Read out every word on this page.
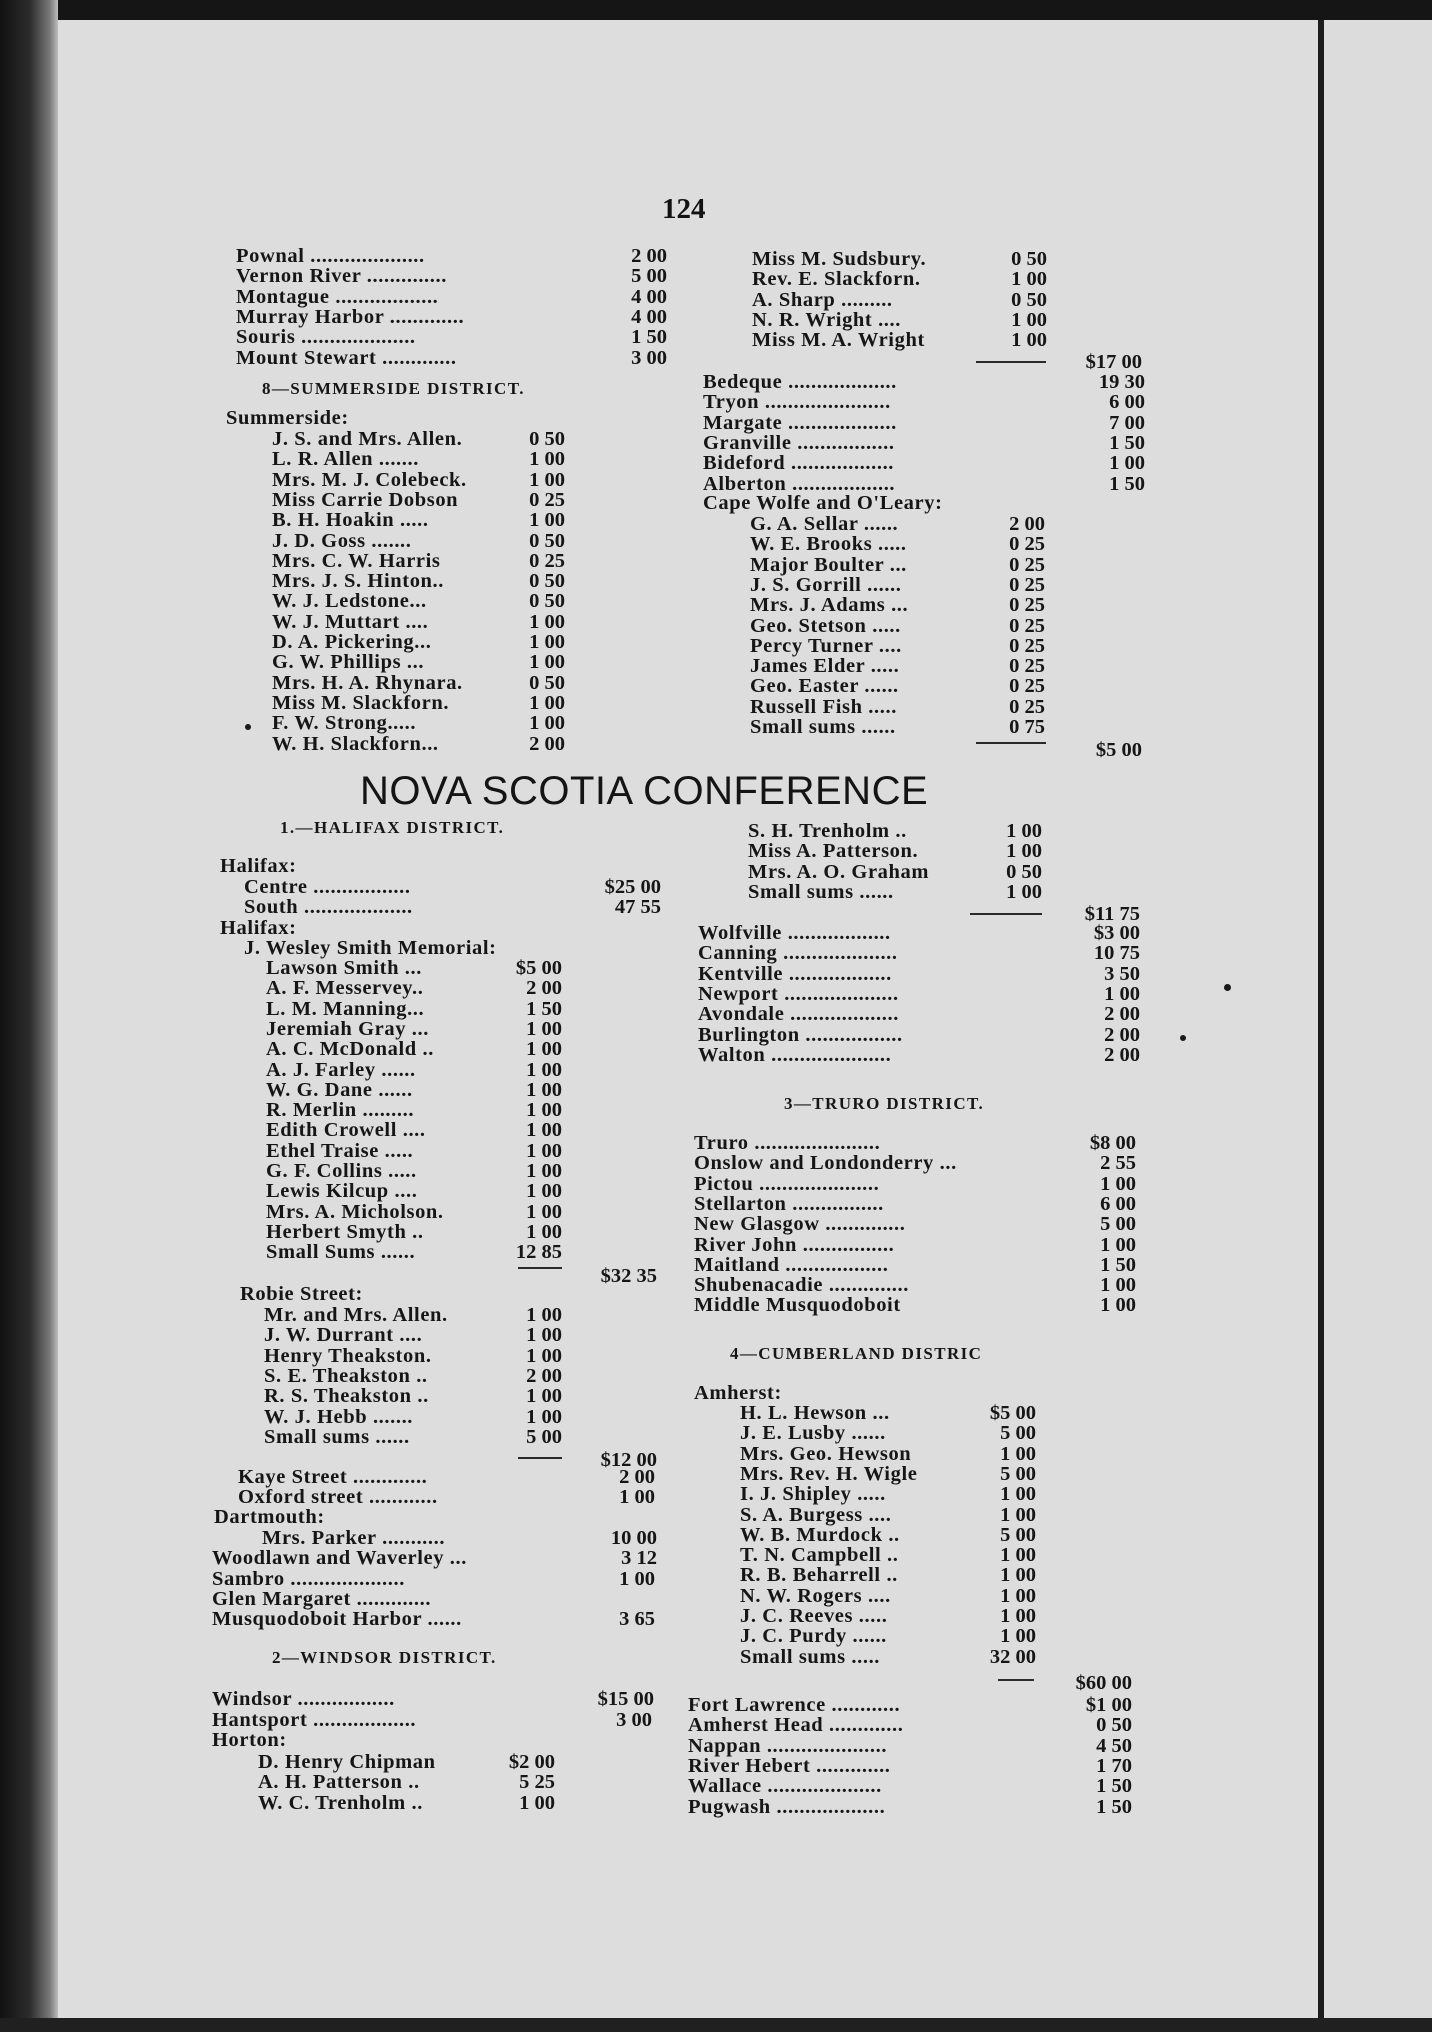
124
NOVA SCOTIA CONFERENCE
Pownal ....................	2 00
Vernon River ..............	5 00
Montague ..................	4 00
Murray Harbor .............	4 00
Souris ....................	1 50
Mount Stewart .............	3 00
8—SUMMERSIDE DISTRICT.
Summerside:
J. S. and Mrs. Allen.	0 50
L. R. Allen .......	1 00
Mrs. M. J. Colebeck.	1 00
Miss Carrie Dobson	0 25
B. H. Hoakin .....	1 00
J. D. Goss .......	0 50
Mrs. C. W. Harris	0 25
Mrs. J. S. Hinton..	0 50
W. J. Ledstone...	0 50
W. J. Muttart ....	1 00
D. A. Pickering...	1 00
G. W. Phillips ...	1 00
Mrs. H. A. Rhynara.	0 50
Miss M. Slackforn.	1 00
F. W. Strong.....	1 00
W. H. Slackforn...	2 00
Miss M. Sudsbury.	0 50
Rev. E. Slackforn.	1 00
A. Sharp .........	0 50
N. R. Wright ....	1 00
Miss M. A. Wright	1 00
$17 00
Bedeque ...................	19 30
Tryon ......................	6 00
Margate ...................	7 00
Granville .................	1 50
Bideford ..................	1 00
Alberton ..................	1 50
Cape Wolfe and O'Leary:
G. A. Sellar ......	2 00
W. E. Brooks .....	0 25
Major Boulter ...	0 25
J. S. Gorrill ......	0 25
Mrs. J. Adams ...	0 25
Geo. Stetson .....	0 25
Percy Turner ....	0 25
James Elder .....	0 25
Geo. Easter ......	0 25
Russell Fish .....	0 25
Small sums ......	0 75
$5 00
1.—HALIFAX DISTRICT.
Halifax:
Centre .................	$25 00
South ...................	47 55
Halifax:
J. Wesley Smith Memorial:
Lawson Smith ...	$5 00
A. F. Messervey..	2 00
L. M. Manning...	1 50
Jeremiah Gray ...	1 00
A. C. McDonald ..	1 00
A. J. Farley ......	1 00
W. G. Dane ......	1 00
R. Merlin .........	1 00
Edith Crowell ....	1 00
Ethel Traise .....	1 00
G. F. Collins .....	1 00
Lewis Kilcup ....	1 00
Mrs. A. Micholson.	1 00
Herbert Smyth ..	1 00
Small Sums ......	12 85
$32 35
Robie Street:
Mr. and Mrs. Allen.	1 00
J. W. Durrant ....	1 00
Henry Theakston.	1 00
S. E. Theakston ..	2 00
R. S. Theakston ..	1 00
W. J. Hebb .......	1 00
Small sums ......	5 00
$12 00
Kaye Street .............	2 00
Oxford street ............	1 00
Dartmouth:
Mrs. Parker ...........	10 00
Woodlawn and Waverley ...	3 12
Sambro ....................	1 00
Glen Margaret .............
Musquodoboit Harbor ......	3 65
2—WINDSOR DISTRICT.
Windsor .................	$15 00
Hantsport ..................	3 00
Horton:
D. Henry Chipman	$2 00
A. H. Patterson ..	5 25
W. C. Trenholm ..	1 00
S. H. Trenholm ..	1 00
Miss A. Patterson.	1 00
Mrs. A. O. Graham	0 50
Small sums ......	1 00
$11 75
Wolfville ..................	$3 00
Canning ....................	10 75
Kentville ..................	3 50
Newport ....................	1 00
Avondale ...................	2 00
Burlington .................	2 00
Walton .....................	2 00
3—TRURO DISTRICT.
Truro ......................	$8 00
Onslow and Londonderry ...	2 55
Pictou .....................	1 00
Stellarton ................	6 00
New Glasgow ..............	5 00
River John ................	1 00
Maitland ..................	1 50
Shubenacadie ..............	1 00
Middle Musquodoboit	1 00
4—CUMBERLAND DISTRIC
Amherst:
H. L. Hewson ...	$5 00
J. E. Lusby ......	5 00
Mrs. Geo. Hewson	1 00
Mrs. Rev. H. Wigle	5 00
I. J. Shipley .....	1 00
S. A. Burgess ....	1 00
W. B. Murdock ..	5 00
T. N. Campbell ..	1 00
R. B. Beharrell ..	1 00
N. W. Rogers ....	1 00
J. C. Reeves .....	1 00
J. C. Purdy ......	1 00
Small sums .....	32 00
$60 00
Fort Lawrence ............	$1 00
Amherst Head .............	0 50
Nappan .....................	4 50
River Hebert .............	1 70
Wallace ....................	1 50
Pugwash ...................	1 50
